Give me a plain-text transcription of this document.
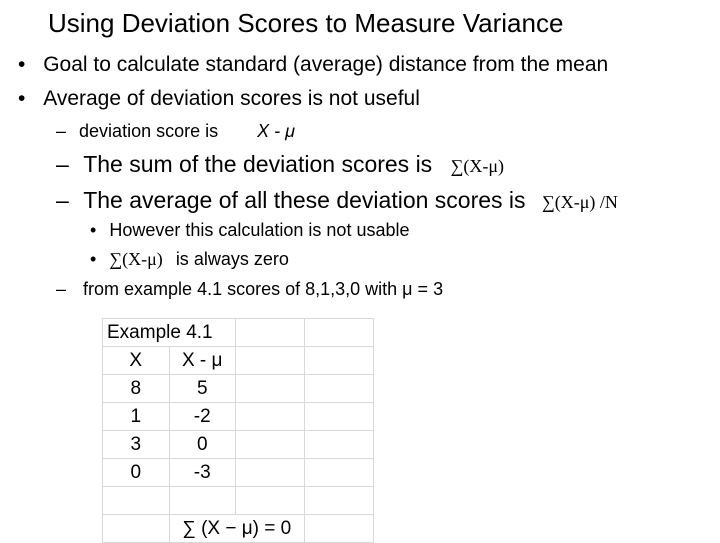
Using Deviation Scores to Measure Variance
• Goal to calculate standard (average) distance from the mean
• Average of deviation scores is not useful
– deviation score is X - μ
– The sum of the deviation scores is ∑(X-μ)
– The average of all these deviation scores is ∑(X-μ) /N
• However this calculation is not usable
• ∑(X-μ) is always zero
– from example 4.1 scores of 8,1,3,0 with μ = 3
Example 4.1			
X	X - μ		
8	5		
1	-2		
3	0		
0	-3		

	∑ (X − μ) = 0		
